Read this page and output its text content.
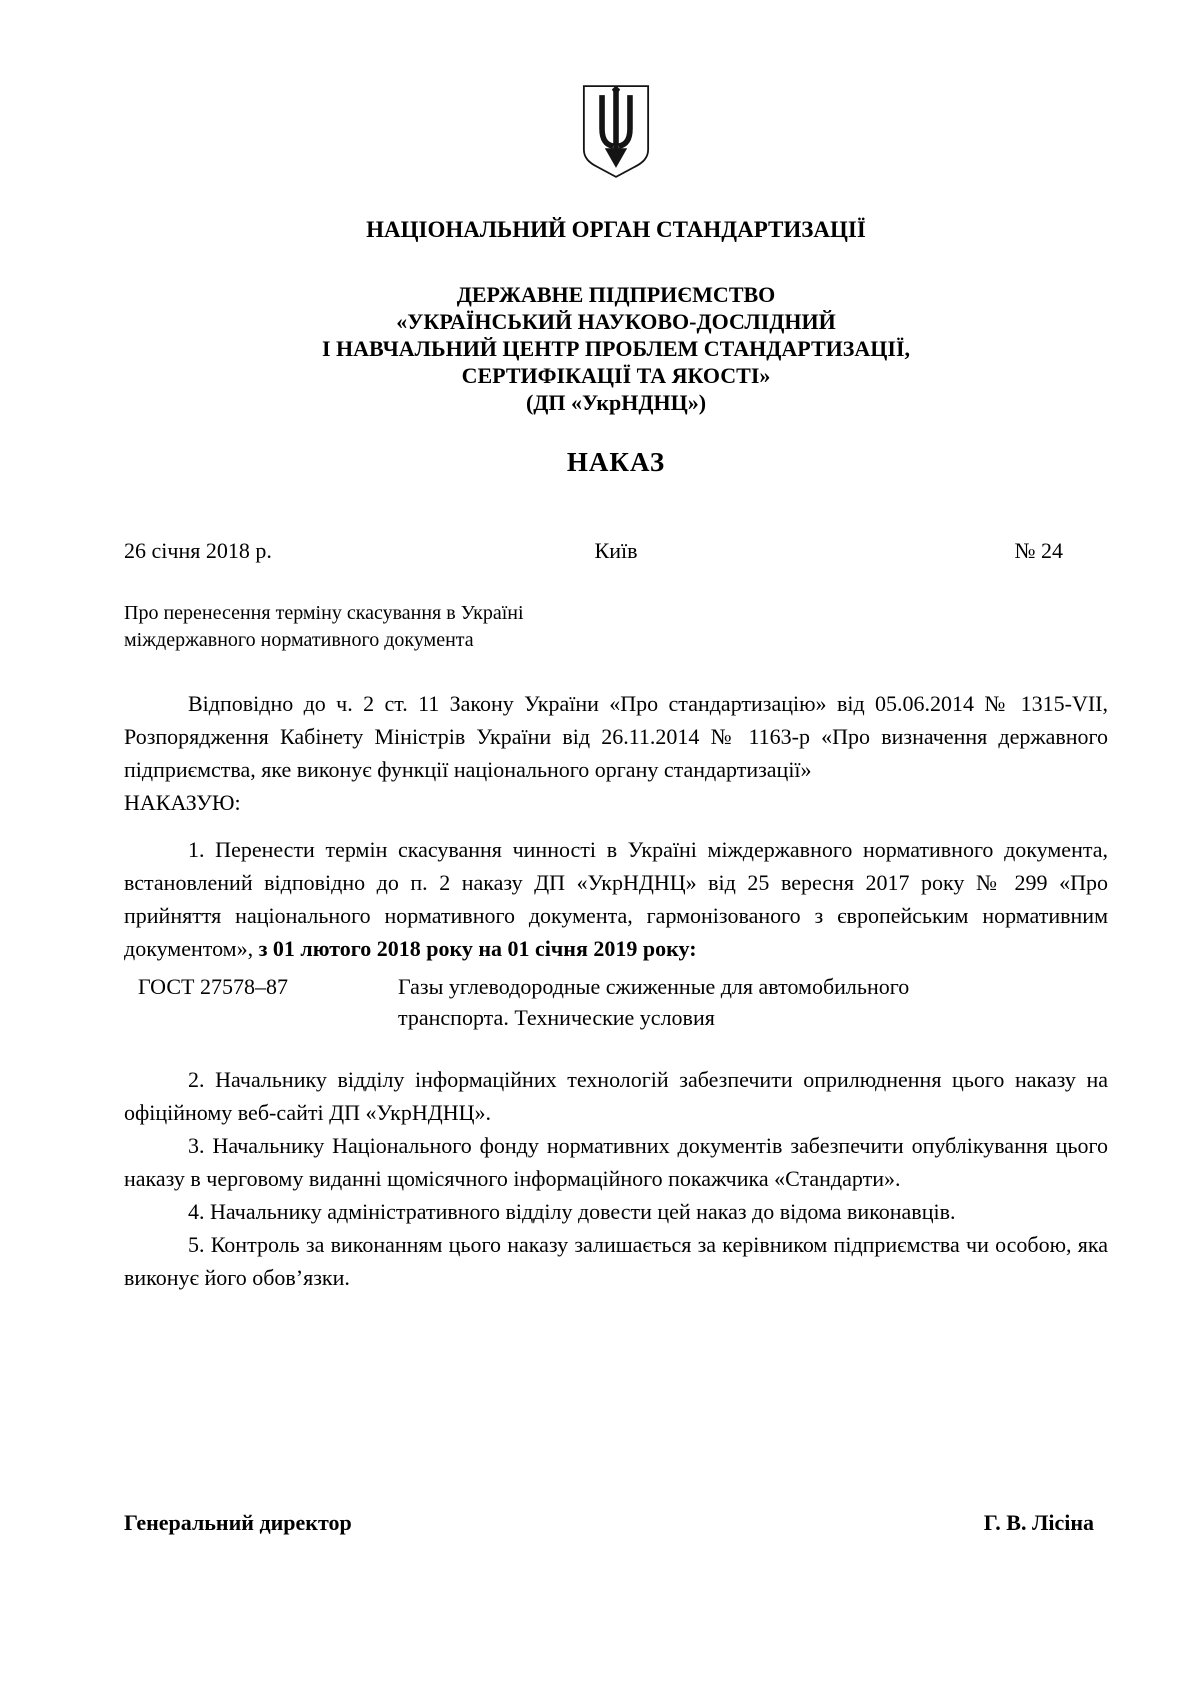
НАЦІОНАЛЬНИЙ ОРГАН СТАНДАРТИЗАЦІЇ
ДЕРЖАВНЕ ПІДПРИЄМСТВО
«УКРАЇНСЬКИЙ НАУКОВО-ДОСЛІДНИЙ
І НАВЧАЛЬНИЙ ЦЕНТР ПРОБЛЕМ СТАНДАРТИЗАЦІЇ,
СЕРТИФІКАЦІЇ ТА ЯКОСТІ»
(ДП «УкрНДНЦ»)
НАКАЗ
26 січня 2018 р.	Київ	№ 24
Про перенесення терміну скасування в Україні
міждержавного нормативного документа

Відповідно до ч. 2 ст. 11 Закону України «Про стандартизацію» від 05.06.2014 № 1315-VII, Розпорядження Кабінету Міністрів України від 26.11.2014 № 1163-р «Про визначення державного підприємства, яке виконує функції національного органу стандартизації»

НАКАЗУЮ:

1. Перенести термін скасування чинності в Україні міждержавного нормативного документа, встановлений відповідно до п. 2 наказу ДП «УкрНДНЦ» від 25 вересня 2017 року № 299 «Про прийняття національного нормативного документа, гармонізованого з європейським нормативним документом», з 01 лютого 2018 року на 01 січня 2019 року:

ГОСТ 27578–87	Газы углеводородные сжиженные для автомобильного
транспорта. Технические условия

2. Начальнику відділу інформаційних технологій забезпечити оприлюднення цього наказу на офіційному веб-сайті ДП «УкрНДНЦ».

3. Начальнику Національного фонду нормативних документів забезпечити опублікування цього наказу в черговому виданні щомісячного інформаційного покажчика «Стандарти».

4. Начальнику адміністративного відділу довести цей наказ до відома виконавців.

5. Контроль за виконанням цього наказу залишається за керівником підприємства чи особою, яка виконує його обов’язки.

Генеральний директор	Г. В. Лісіна
